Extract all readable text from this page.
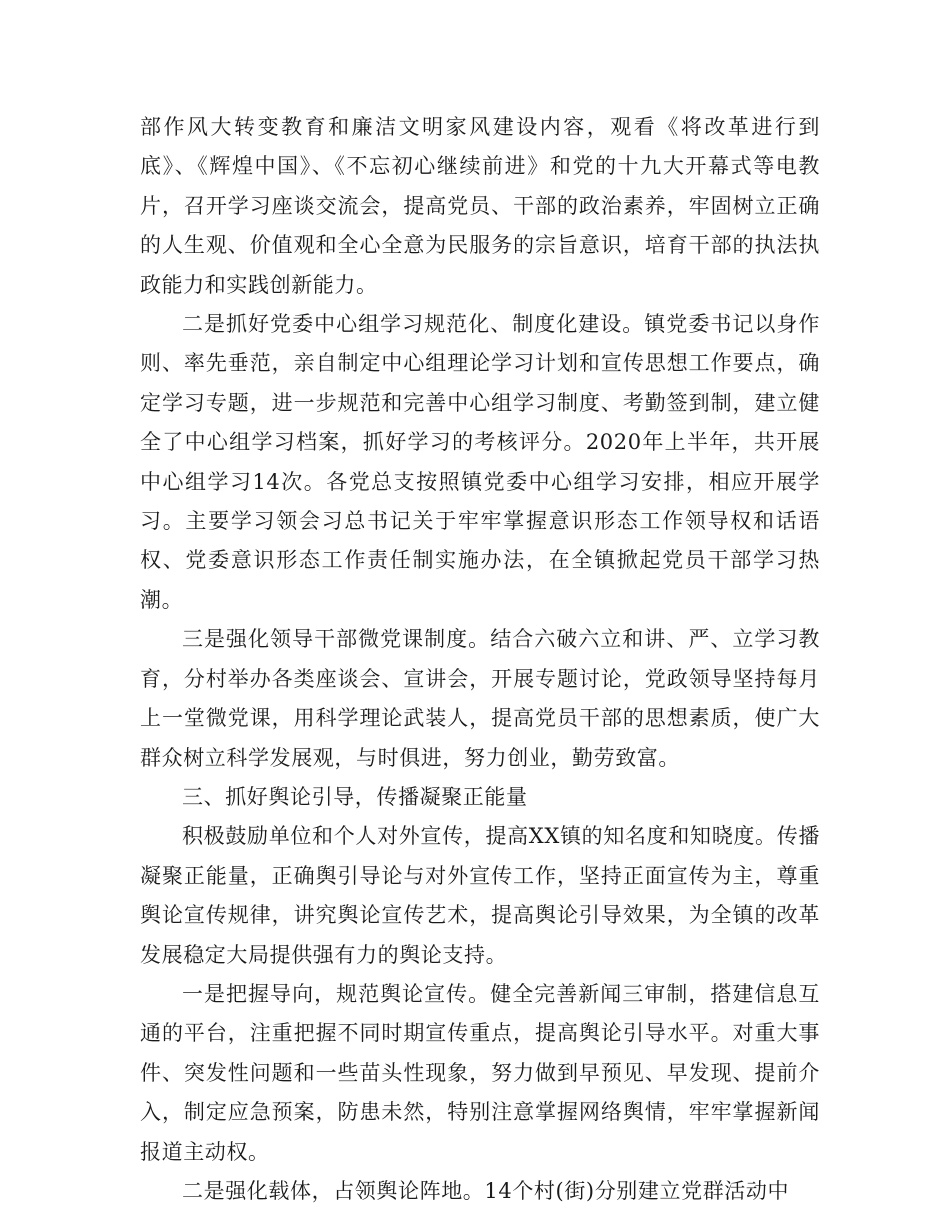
部作风大转变教育和廉洁文明家风建设内容，观看《将改革进行到底》、《辉煌中国》、《不忘初心继续前进》和党的十九大开幕式等电教片，召开学习座谈交流会，提高党员、干部的政治素养，牢固树立正确的人生观、价值观和全心全意为民服务的宗旨意识，培育干部的执法执政能力和实践创新能力。

二是抓好党委中心组学习规范化、制度化建设。镇党委书记以身作则、率先垂范，亲自制定中心组理论学习计划和宣传思想工作要点，确定学习专题，进一步规范和完善中心组学习制度、考勤签到制，建立健全了中心组学习档案，抓好学习的考核评分。2020年上半年，共开展中心组学习14次。各党总支按照镇党委中心组学习安排，相应开展学习。主要学习领会习总书记关于牢牢掌握意识形态工作领导权和话语权、党委意识形态工作责任制实施办法，在全镇掀起党员干部学习热潮。

三是强化领导干部微党课制度。结合六破六立和讲、严、立学习教育，分村举办各类座谈会、宣讲会，开展专题讨论，党政领导坚持每月上一堂微党课，用科学理论武装人，提高党员干部的思想素质，使广大群众树立科学发展观，与时俱进，努力创业，勤劳致富。

三、抓好舆论引导，传播凝聚正能量

积极鼓励单位和个人对外宣传，提高XX镇的知名度和知晓度。传播凝聚正能量，正确舆引导论与对外宣传工作，坚持正面宣传为主，尊重舆论宣传规律，讲究舆论宣传艺术，提高舆论引导效果，为全镇的改革发展稳定大局提供强有力的舆论支持。

一是把握导向，规范舆论宣传。健全完善新闻三审制，搭建信息互通的平台，注重把握不同时期宣传重点，提高舆论引导水平。对重大事件、突发性问题和一些苗头性现象，努力做到早预见、早发现、提前介入，制定应急预案，防患未然，特别注意掌握网络舆情，牢牢掌握新闻报道主动权。

二是强化载体，占领舆论阵地。14个村(街)分别建立党群活动中
